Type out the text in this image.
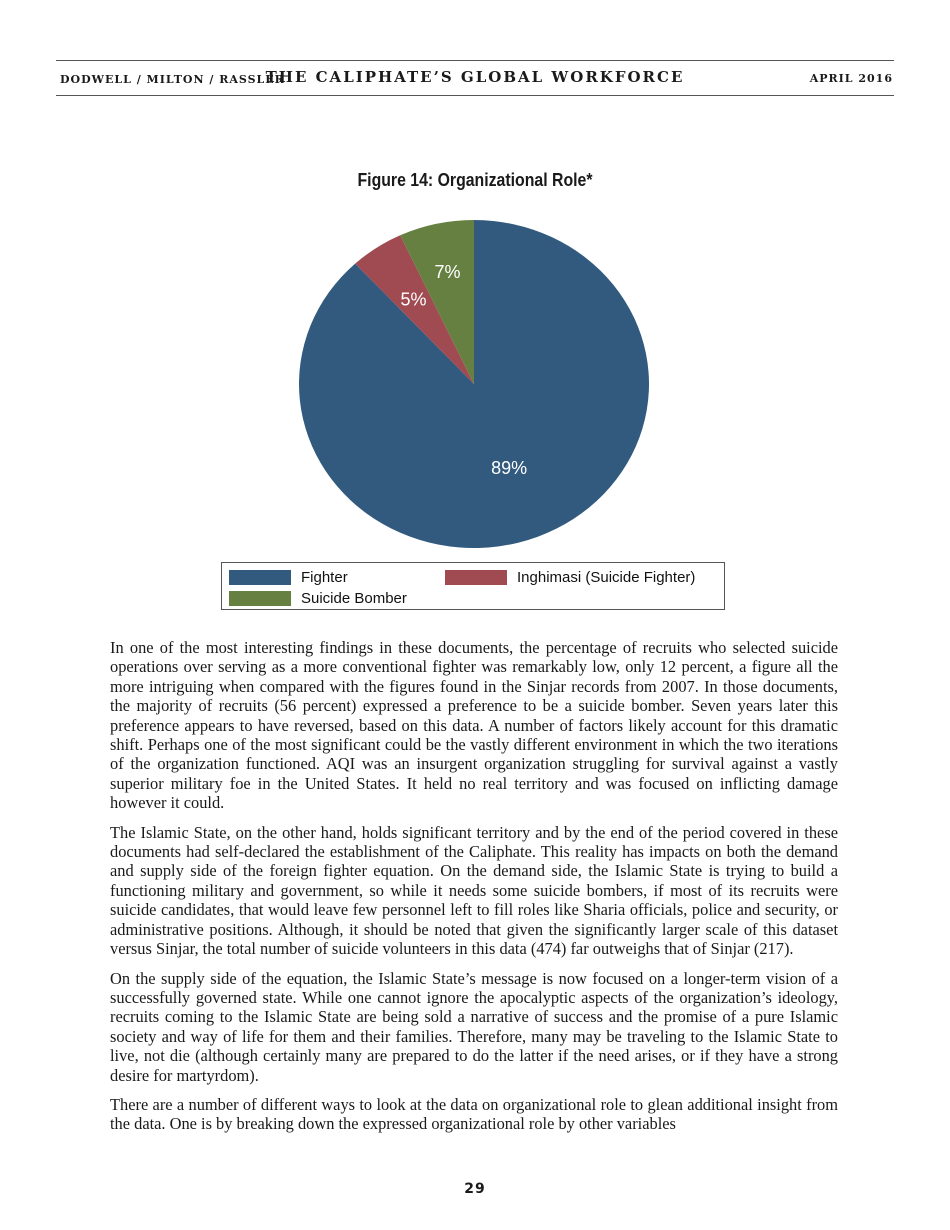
DODWELL / MILTON / RASSLER
THE CALIPHATE’S GLOBAL WORKFORCE	APRIL 2016
Figure 14: Organizational Role*
89%
5%
7%
Fighter	Inghimasi (Suicide Fighter)
Suicide Bomber

In one of the most interesting findings in these documents, the percentage of recruits who selected suicide operations over serving as a more conventional fighter was remarkably low, only 12 percent, a figure all the more intriguing when compared with the figures found in the Sinjar records from 2007. In those documents, the majority of recruits (56 percent) expressed a preference to be a suicide bomber. Seven years later this preference appears to have reversed, based on this data. A number of factors likely account for this dramatic shift. Perhaps one of the most significant could be the vastly different environment in which the two iterations of the organization functioned. AQI was an insurgent organization struggling for survival against a vastly superior military foe in the United States. It held no real territory and was focused on inflicting damage however it could.

The Islamic State, on the other hand, holds significant territory and by the end of the period covered in these documents had self-declared the establishment of the Caliphate. This reality has impacts on both the demand and supply side of the foreign fighter equation. On the demand side, the Islamic State is trying to build a functioning military and government, so while it needs some suicide bombers, if most of its recruits were suicide candidates, that would leave few personnel left to fill roles like Sharia officials, police and security, or administrative positions. Although, it should be noted that given the significantly larger scale of this dataset versus Sinjar, the total number of suicide volunteers in this data (474) far outweighs that of Sinjar (217).

On the supply side of the equation, the Islamic State’s message is now focused on a longer-term vision of a successfully governed state. While one cannot ignore the apocalyptic aspects of the organization’s ideology, recruits coming to the Islamic State are being sold a narrative of success and the promise of a pure Islamic society and way of life for them and their families. Therefore, many may be traveling to the Islamic State to live, not die (although certainly many are prepared to do the latter if the need arises, or if they have a strong desire for martyrdom).

There are a number of different ways to look at the data on organizational role to glean additional insight from the data. One is by breaking down the expressed organizational role by other variables

29
